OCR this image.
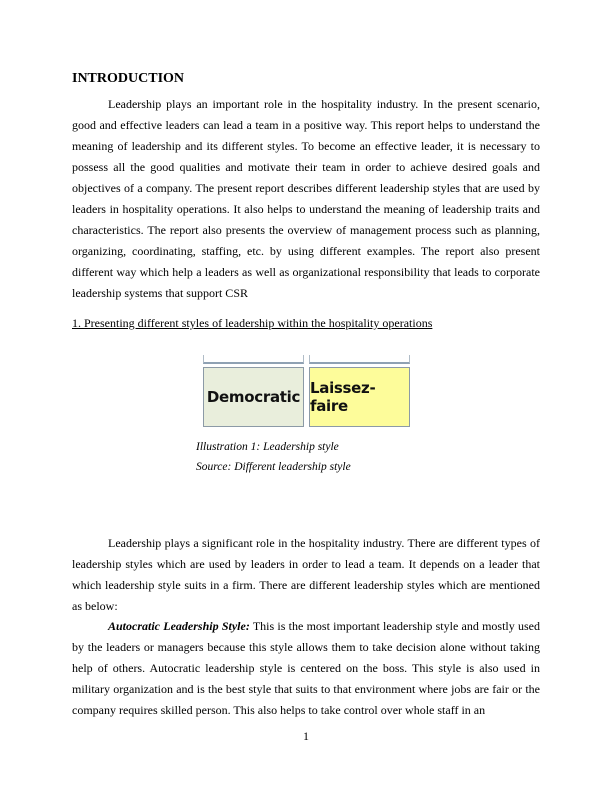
INTRODUCTION

Leadership plays an important role in the hospitality industry. In the present scenario, good and effective leaders can lead a team in a positive way. This report helps to understand the meaning of leadership and its different styles. To become an effective leader, it is necessary to possess all the good qualities and motivate their team in order to achieve desired goals and objectives of a company. The present report describes different leadership styles that are used by leaders in hospitality operations. It also helps to understand the meaning of leadership traits and characteristics. The report also presents the overview of management process such as planning, organizing, coordinating, staffing, etc. by using different examples. The report also present different way which help a leaders as well as organizational responsibility that leads to corporate leadership systems that support CSR

1. Presenting different styles of leadership within the hospitality operations

Democratic Laissez-faire

Illustration 1: Leadership style

Source: Different leadership style

Leadership plays a significant role in the hospitality industry. There are different types of leadership styles which are used by leaders in order to lead a team. It depends on a leader that which leadership style suits in a firm. There are different leadership styles which are mentioned as below:

Autocratic Leadership Style: This is the most important leadership style and mostly used by the leaders or managers because this style allows them to take decision alone without taking help of others. Autocratic leadership style is centered on the boss. This style is also used in military organization and is the best style that suits to that environment where jobs are fair or the company requires skilled person. This also helps to take control over whole staff in an

1
